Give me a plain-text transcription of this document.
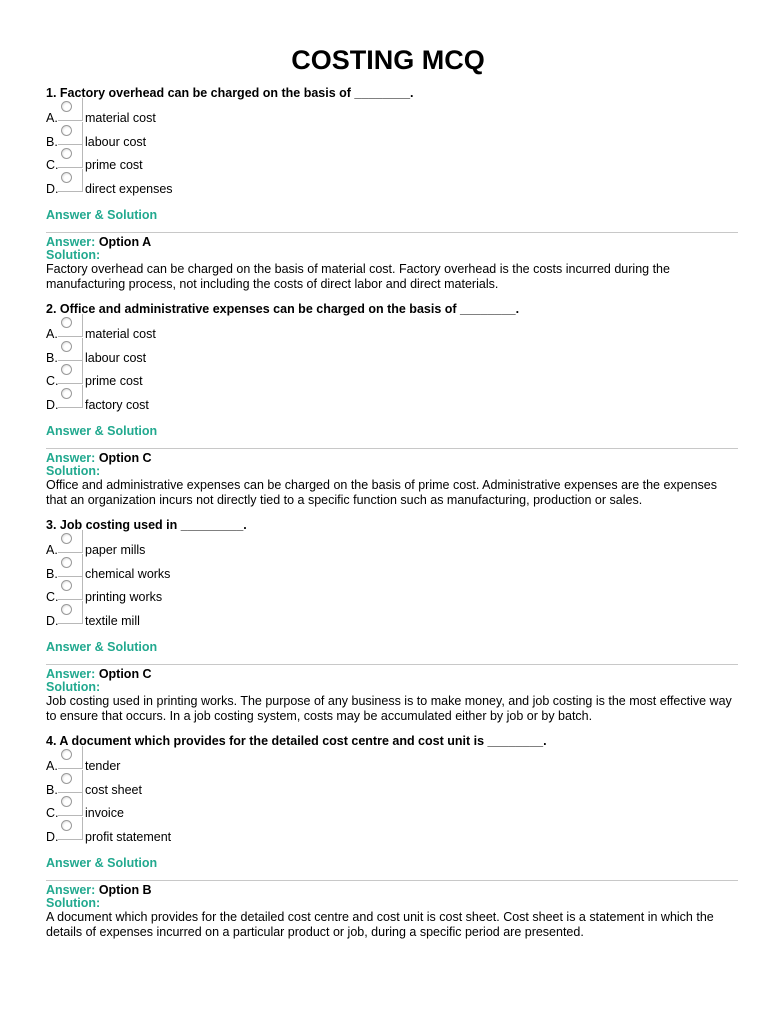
COSTING MCQ
1. Factory overhead can be charged on the basis of ________.
A. material cost
B. labour cost
C. prime cost
D. direct expenses
Answer & Solution
Answer: Option A
Solution:
Factory overhead can be charged on the basis of material cost. Factory overhead is the costs incurred during the manufacturing process, not including the costs of direct labor and direct materials.
2. Office and administrative expenses can be charged on the basis of ________.
A. material cost
B. labour cost
C. prime cost
D. factory cost
Answer & Solution
Answer: Option C
Solution:
Office and administrative expenses can be charged on the basis of prime cost. Administrative expenses are the expenses that an organization incurs not directly tied to a specific function such as manufacturing, production or sales.
3. Job costing used in _________.
A. paper mills
B. chemical works
C. printing works
D. textile mill
Answer & Solution
Answer: Option C
Solution:
Job costing used in printing works. The purpose of any business is to make money, and job costing is the most effective way to ensure that occurs. In a job costing system, costs may be accumulated either by job or by batch.
4. A document which provides for the detailed cost centre and cost unit is ________.
A. tender
B. cost sheet
C. invoice
D. profit statement
Answer & Solution
Answer: Option B
Solution:
A document which provides for the detailed cost centre and cost unit is cost sheet. Cost sheet is a statement in which the details of expenses incurred on a particular product or job, during a specific period are presented.
